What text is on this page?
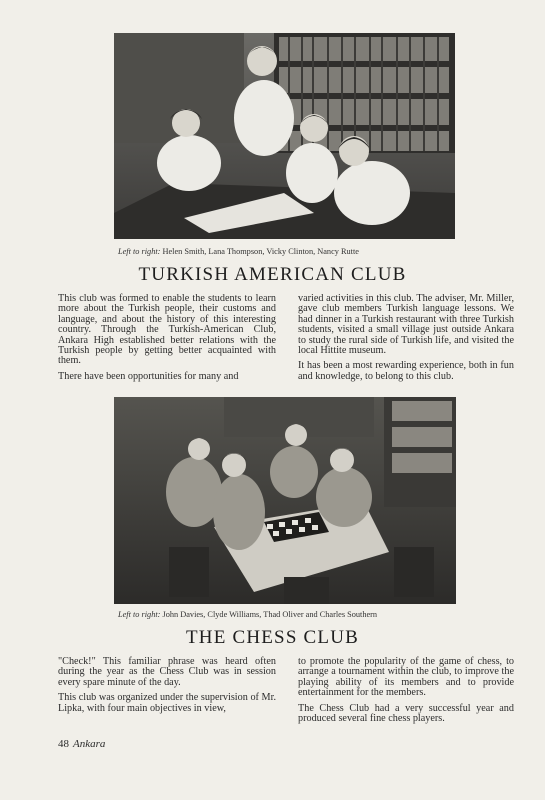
Left to right: Helen Smith, Lana Thompson, Vicky Clinton, Nancy Rutte
TURKISH AMERICAN CLUB

This club was formed to enable the students to learn more about the Turkish people, their customs and language, and about the history of this interesting country. Through the Turkish-American Club, Ankara High established better relations with the Turkish people by getting better acquainted with them.

There have been opportunities for many and

varied activities in this club. The adviser, Mr. Miller, gave club members Turkish language lessons. We had dinner in a Turkish restaurant with three Turkish students, visited a small village just outside Ankara to study the rural side of Turkish life, and visited the local Hittite museum.

It has been a most rewarding experience, both in fun and knowledge, to belong to this club.

Left to right: John Davies, Clyde Williams, Thad Oliver and Charles Southern
THE CHESS CLUB

"Check!" This familiar phrase was heard often during the year as the Chess Club was in session every spare minute of the day.

This club was organized under the supervision of Mr. Lipka, with four main objectives in view,

to promote the popularity of the game of chess, to arrange a tournament within the club, to improve the playing ability of its members and to provide entertainment for the members.

The Chess Club had a very successful year and produced several fine chess players.

48 Ankara
